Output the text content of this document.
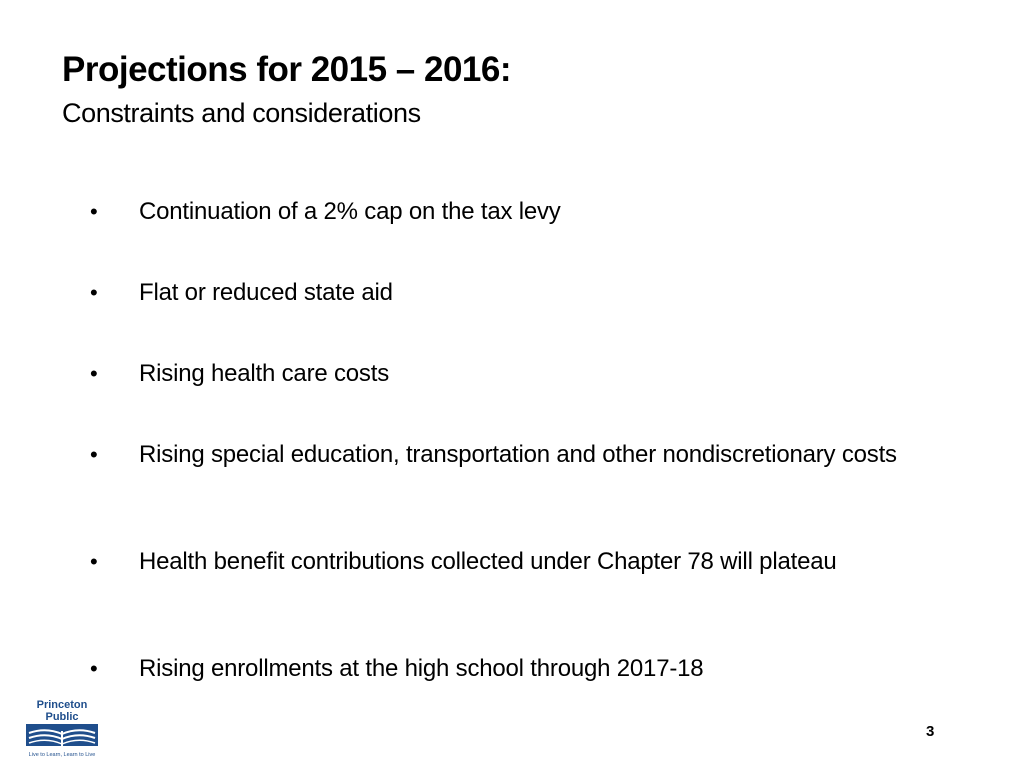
Projections for 2015 – 2016:
Constraints and considerations
• Continuation of a 2% cap on the tax levy
• Flat or reduced state aid
• Rising health care costs
• Rising special education, transportation and other nondiscretionary costs
• Health benefit contributions collected under Chapter 78 will plateau
• Rising enrollments at the high school through 2017-18
Princeton
Public
Live to Learn, Learn to Live
3
